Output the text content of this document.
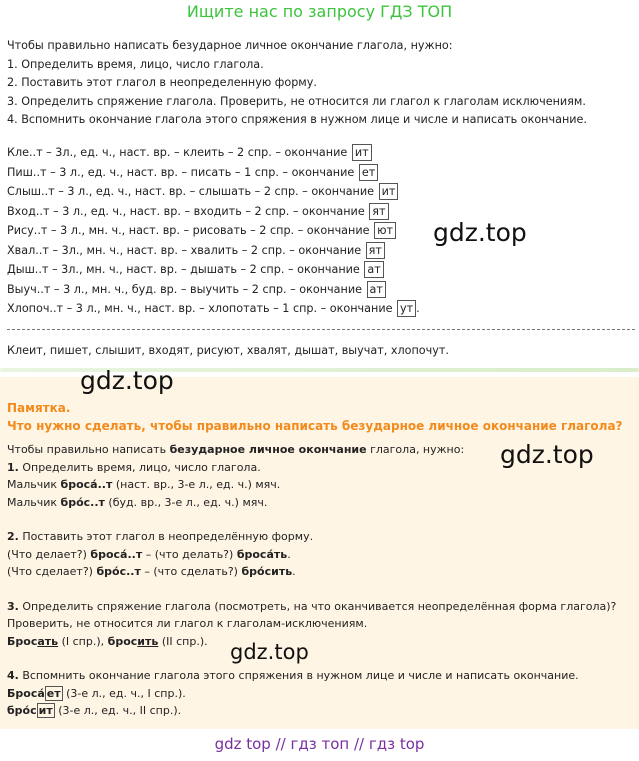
Ищите нас по запросу ГДЗ ТОП
Чтобы правильно написать безударное личное окончание глагола, нужно:
1. Определить время, лицо, число глагола.
2. Поставить этот глагол в неопределенную форму.
3. Определить спряжение глагола. Проверить, не относится ли глагол к глаголам исключениям.
4. Вспомнить окончание глагола этого спряжения в нужном лице и числе и написать окончание.
Кле..т – 3л., ед. ч., наст. вр. – клеить – 2 спр. – окончание ит
Пиш..т – 3 л., ед. ч., наст. вр. – писать – 1 спр. – окончание ет
Слыш..т – 3 л., ед. ч., наст. вр. – слышать – 2 спр. – окончание ит
Вход..т – 3 л., ед. ч., наст. вр. – входить – 2 спр. – окончание ят
Рису..т – 3 л., мн. ч., наст. вр. – рисовать – 2 спр. – окончание ют
Хвал..т – 3л., мн. ч., наст. вр. – хвалить – 2 спр. – окончание ят
Дыш..т – 3л., мн. ч., наст. вр. – дышать – 2 спр. – окончание ат
Выуч..т – 3 л., мн. ч., буд. вр. – выучить – 2 спр. – окончание ат
Хлопоч..т – 3 л., мн. ч., наст. вр. – хлопотать – 1 спр. – окончание ут .
gdz.top
Клеит, пишет, слышит, входят, рисуют, хвалят, дышат, выучат, хлопочут.
Памятка.
Что нужно сделать, чтобы правильно написать безударное личное окончание глагола?
Чтобы правильно написать безударное личное окончание глагола, нужно:
1. Определить время, лицо, число глагола.
Мальчик броса́..т (наст. вр., 3-е л., ед. ч.) мяч.
Мальчик бро́с..т (буд. вр., 3-е л., ед. ч.) мяч.
2. Поставить этот глагол в неопределённую форму.
(Что делает?) броса́..т – (что делать?) броса́ть.
(Что сделает?) бро́с..т – (что сделать?) бро́сить.
3. Определить спряжение глагола (посмотреть, на что оканчивается неопределённая форма глагола)?
Проверить, не относится ли глагол к глаголам-исключениям.
Бросать (I спр.), бросить (II спр.).
4. Вспомнить окончание глагола этого спряжения в нужном лице и числе и написать окончание.
Броса́ ет (3-е л., ед. ч., I спр.).
бро́с ит (3-е л., ед. ч., II спр.).
gdz.top
gdz.top
gdz.top
gdz top // гдз топ // гдз top
